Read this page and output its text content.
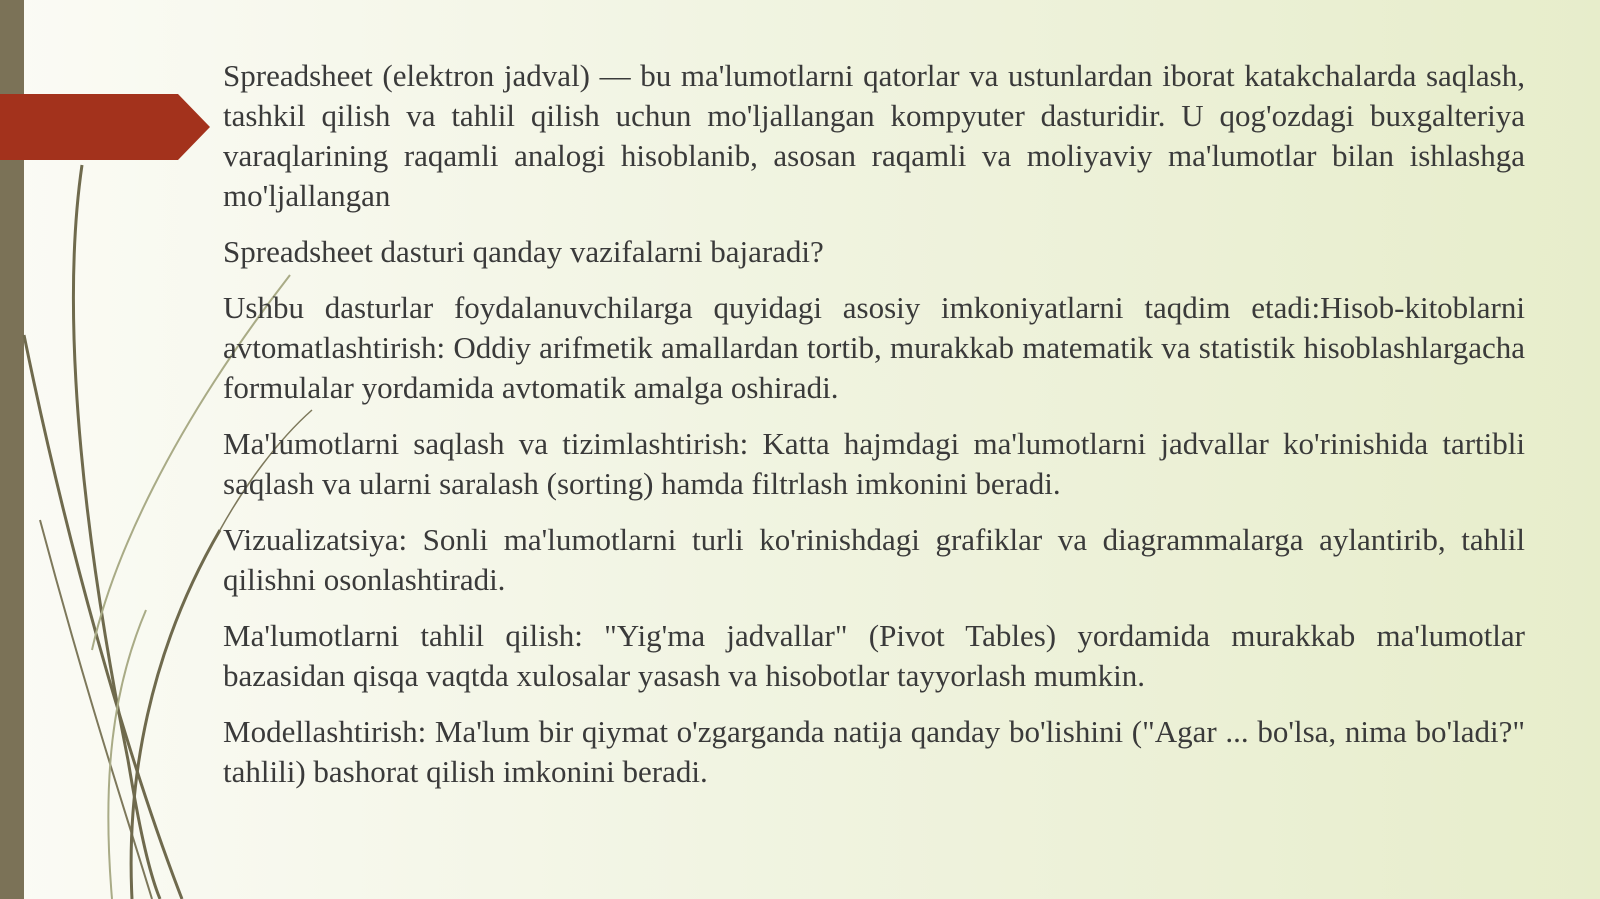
Spreadsheet (elektron jadval) — bu ma'lumotlarni qatorlar va ustunlardan iborat katakchalarda saqlash, tashkil qilish va tahlil qilish uchun mo'ljallangan kompyuter dasturidir. U qog'ozdagi buxgalteriya varaqlarining raqamli analogi hisoblanib, asosan raqamli va moliyaviy ma'lumotlar bilan ishlashga mo'ljallangan

Spreadsheet dasturi qanday vazifalarni bajaradi?

Ushbu dasturlar foydalanuvchilarga quyidagi asosiy imkoniyatlarni taqdim etadi:Hisob-kitoblarni avtomatlashtirish: Oddiy arifmetik amallardan tortib, murakkab matematik va statistik hisoblashlargacha formulalar yordamida avtomatik amalga oshiradi.

Ma'lumotlarni saqlash va tizimlashtirish: Katta hajmdagi ma'lumotlarni jadvallar ko'rinishida tartibli saqlash va ularni saralash (sorting) hamda filtrlash imkonini beradi.

Vizualizatsiya: Sonli ma'lumotlarni turli ko'rinishdagi grafiklar va diagrammalarga aylantirib, tahlil qilishni osonlashtiradi.

Ma'lumotlarni tahlil qilish: "Yig'ma jadvallar" (Pivot Tables) yordamida murakkab ma'lumotlar bazasidan qisqa vaqtda xulosalar yasash va hisobotlar tayyorlash mumkin.

Modellashtirish: Ma'lum bir qiymat o'zgarganda natija qanday bo'lishini ("Agar ... bo'lsa, nima bo'ladi?" tahlili) bashorat qilish imkonini beradi.
